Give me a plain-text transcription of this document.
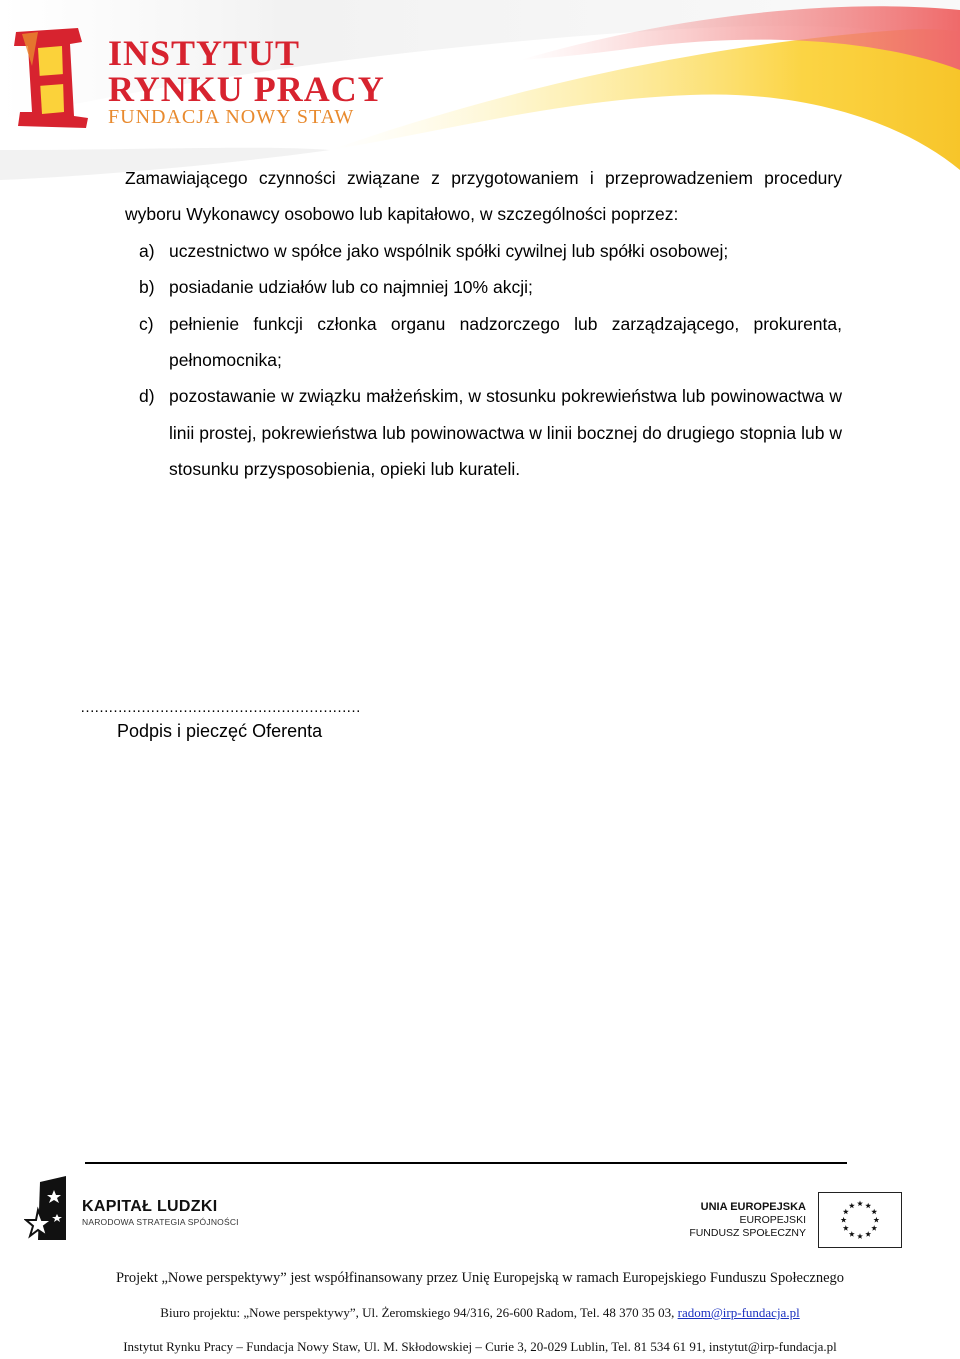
INSTYTUT
RYNKU PRACY
FUNDACJA NOWY STAW

Zamawiającego czynności związane z przygotowaniem i przeprowadzeniem procedury wyboru Wykonawcy osobowo lub kapitałowo, w szczególności poprzez:

a) uczestnictwo w spółce jako wspólnik spółki cywilnej lub spółki osobowej;
b) posiadanie udziałów lub co najmniej 10% akcji;
c) pełnienie funkcji członka organu nadzorczego lub zarządzającego, prokurenta, pełnomocnika;
d) pozostawanie w związku małżeńskim, w stosunku pokrewieństwa lub powinowactwa w linii prostej, pokrewieństwa lub powinowactwa w linii bocznej do drugiego stopnia lub w stosunku przysposobienia, opieki lub kurateli.
……………………………………………………
Podpis i pieczęć Oferenta
KAPITAŁ LUDZKI
NARODOWA STRATEGIA SPÓJNOŚCI
UNIA EUROPEJSKA
EUROPEJSKI
FUNDUSZ SPOŁECZNY
Projekt „Nowe perspektywy” jest współfinansowany przez Unię Europejską w ramach Europejskiego Funduszu Społecznego
Biuro projektu: „Nowe perspektywy”, Ul. Żeromskiego 94/316, 26-600 Radom, Tel. 48 370 35 03, radom@irp-fundacja.pl
Instytut Rynku Pracy – Fundacja Nowy Staw, Ul. M. Skłodowskiej – Curie 3, 20-029 Lublin, Tel. 81 534 61 91, instytut@irp-fundacja.pl
